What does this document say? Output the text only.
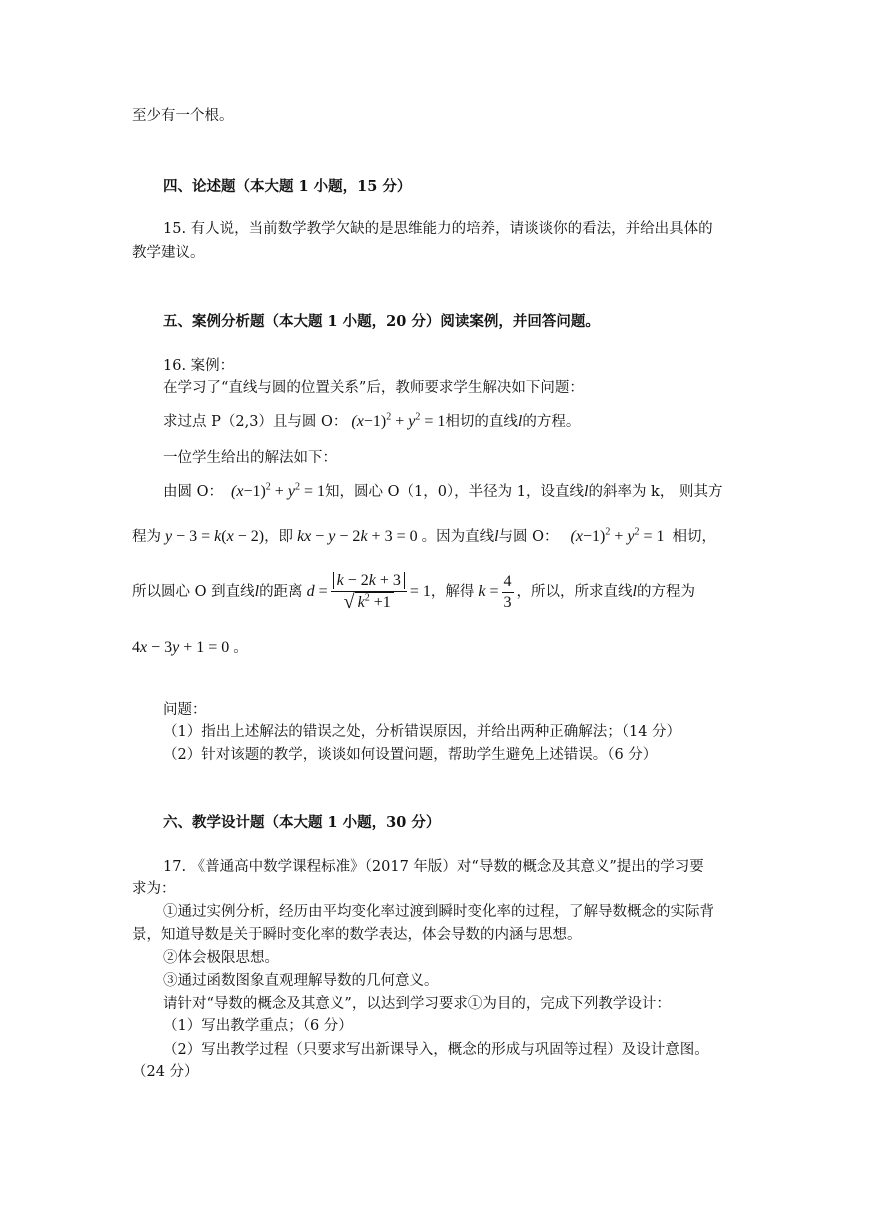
至少有一个根。
四、论述题（本大题 1 小题，15 分）
15. 有人说，当前数学教学欠缺的是思维能力的培养，请谈谈你的看法，并给出具体的
教学建议。
五、案例分析题（本大题 1 小题，20 分）阅读案例，并回答问题。
16. 案例：
在学习了“直线与圆的位置关系”后，教师要求学生解决如下问题：
求过点 P（2,3）且与圆 O： $(x-1)^2 + y^2 = 1$相切的直线l的方程。
一位学生给出的解法如下：
由圆 O：  $(x-1)^2 + y^2 = 1$知，圆心 O（1，0），半径为 1，设直线l的斜率为 k， 则其方
程为 y − 3 = k(x − 2)，即 kx − y − 2k + 3 = 0 。因为直线l与圆 O：   $(x-1)^2 + y^2 = 1$ 相切，
所以圆心 O 到直线l的距离 $d = \frac{k - 2k + 3}{√ k^2 +1} = 1$，解得 $k = \frac{4}{3}$ ，所以，所求直线l的方程为
4x − 3y + 1 = 0 。
问题：
（1）指出上述解法的错误之处，分析错误原因，并给出两种正确解法；（14 分）
（2）针对该题的教学，谈谈如何设置问题，帮助学生避免上述错误。（6 分）
六、教学设计题（本大题 1 小题，30 分）
17. 《普通高中数学课程标准》（2017 年版）对“导数的概念及其意义”提出的学习要
求为：
①通过实例分析，经历由平均变化率过渡到瞬时变化率的过程，了解导数概念的实际背
景，知道导数是关于瞬时变化率的数学表达，体会导数的内涵与思想。
②体会极限思想。
③通过函数图象直观理解导数的几何意义。
请针对“导数的概念及其意义”，以达到学习要求①为目的，完成下列教学设计：
（1）写出教学重点；（6 分）
（2）写出教学过程（只要求写出新课导入，概念的形成与巩固等过程）及设计意图。
（24 分）
